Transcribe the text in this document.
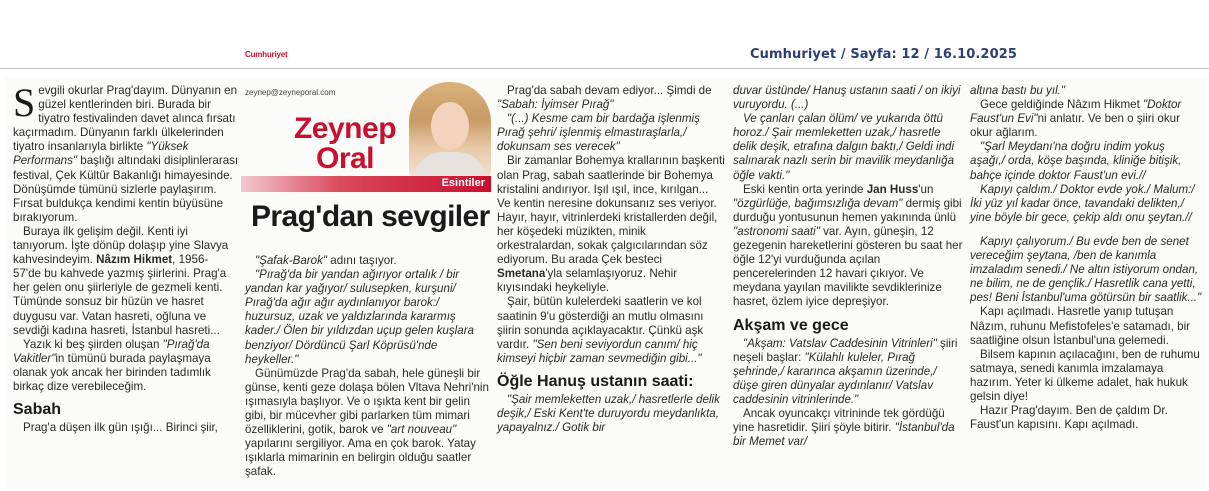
Cumhuriyet	Cumhuriyet / Sayfa: 12 / 16.10.2025

Sevgili okurlar Prag'dayım. Dünyanın en güzel kentlerinden biri. Burada bir tiyatro festivalinden davet alınca fırsatı kaçırmadım. Dünyanın farklı ülkelerinden tiyatro insanlarıyla birlikte "Yüksek Performans" başlığı altındaki disiplinlerarası festival, Çek Kültür Bakanlığı himayesinde. Dönüşümde tümünü sizlerle paylaşırım. Fırsat buldukça kendimi kentin büyüsüne bırakıyorum.

Buraya ilk gelişim değil. Kenti iyi tanıyorum. İşte dönüp dolaşıp yine Slavya kahvesindeyim. Nâzım Hikmet, 1956- 57'de bu kahvede yazmış şiirlerini. Prag'a her gelen onu şiirleriyle de gezmeli kenti. Tümünde sonsuz bir hüzün ve hasret duygusu var. Vatan hasreti, oğluna ve sevdiği kadına hasreti, İstanbul hasreti...

Yazık ki beş şiirden oluşan "Pırağ'da Vakitler"in tümünü burada paylaşmaya olanak yok ancak her birinden tadımlık birkaç dize verebileceğim.

Sabah

Prag'a düşen ilk gün ışığı... Birinci şiir,

zeynep@zeyneporal.com
Zeynep Oral
Esintiler
Prag'dan sevgiler

"Şafak-Barok" adını taşıyor.

"Pırağ'da bir yandan ağırıyor ortalık / bir yandan kar yağıyor/ sulusepken, kurşuni/ Pırağ'da ağır ağır aydınlanıyor barok:/ huzursuz, uzak ve yaldızlarında kararmış kader./ Ölen bir yıldızdan uçup gelen kuşlara benziyor/ Dördüncü Şarl Köprüsü'nde heykeller."

Günümüzde Prag'da sabah, hele güneşli bir günse, kenti geze dolaşa bölen Vltava Nehri'nin ışımasıyla başlıyor. Ve o ışıkta kent bir gelin gibi, bir mücevher gibi parlarken tüm mimari özelliklerini, gotik, barok ve "art nouveau" yapılarını sergiliyor. Ama en çok barok. Yatay ışıklarla mimarinin en belirgin olduğu saatler şafak.

Prag'da sabah devam ediyor... Şimdi de "Sabah: İyimser Pırağ"

"(...) Kesme cam bir bardağa işlenmiş Pırağ şehri/ işlenmiş elmastıraşlarla,/ dokunsam ses verecek"

Bir zamanlar Bohemya krallarının başkenti olan Prag, sabah saatlerinde bir Bohemya kristalini andırıyor. Işıl ışıl, ince, kırılgan... Ve kentin neresine dokunsanız ses veriyor. Hayır, hayır, vitrinlerdeki kristallerden değil, her köşedeki müzikten, minik orkestralardan, sokak çalgıcılarından söz ediyorum. Bu arada Çek besteci Smetana'yla selamlaşıyoruz. Nehir kıyısındaki heykeliyle.

Şair, bütün kulelerdeki saatlerin ve kol saatinin 9'u gösterdiği an mutlu olmasını şiirin sonunda açıklayacaktır. Çünkü aşk vardır. "Sen beni seviyordun canım/ hiç kimseyi hiçbir zaman sevmediğin gibi..."

Öğle Hanuş ustanın saati:

"Şair memleketten uzak,/ hasretlerle delik deşik,/ Eski Kent'te duruyordu meydanlıkta, yapayalnız./ Gotik bir

duvar üstünde/ Hanuş ustanın saati / on ikiyi vuruyordu. (...)

Ve çanları çalan ölüm/ ve yukarıda öttü horoz./ Şair memleketten uzak,/ hasretle delik deşik, etrafına dalgın baktı,/ Geldi indi salınarak nazlı serin bir mavilik meydanlığa öğle vakti."

Eski kentin orta yerinde Jan Huss'un "özgürlüğe, bağımsızlığa devam" dermiş gibi durduğu yontusunun hemen yakınında ünlü "astronomi saati" var. Ayın, güneşin, 12 gezegenin hareketlerini gösteren bu saat her öğle 12'yi vurduğunda açılan pencerelerinden 12 havari çıkıyor. Ve meydana yayılan mavilikte sevdiklerinize hasret, özlem iyice depreşiyor.

Akşam ve gece

"Akşam: Vatslav Caddesinin Vitrinleri" şiiri neşeli başlar: "Külahlı kuleler, Pırağ şehrinde,/ kararınca akşamın üzerinde,/ düşe giren dünyalar aydınlanır/ Vatslav caddesinin vitrinlerinde."

Ancak oyuncakçı vitrininde tek gördüğü yine hasretidir. Şiiri şöyle bitirir. "İstanbul'da bir Memet var/

altına bastı bu yıl."

Gece geldiğinde Nâzım Hikmet "Doktor Faust'un Evi"ni anlatır. Ve ben o şiiri okur okur ağlarım.

"Şarl Meydanı'na doğru indim yokuş aşağı,/ orda, köşe başında, kliniğe bitişik, bahçe içinde doktor Faust'un evi.//

Kapıyı çaldım./ Doktor evde yok./ Malum:/ İki yüz yıl kadar önce, tavandaki delikten,/ yine böyle bir gece, çekip aldı onu şeytan.//

Kapıyı çalıyorum./ Bu evde ben de senet vereceğim şeytana, /ben de kanımla imzaladım senedi./ Ne altın istiyorum ondan, ne bilim, ne de gençlik./ Hasretlik cana yetti, pes! Beni İstanbul'uma götürsün bir saatlik..."

Kapı açılmadı. Hasretle yanıp tutuşan Nâzım, ruhunu Mefistofeles'e satamadı, bir saatliğine olsun İstanbul'una gelemedi.

Bilsem kapının açılacağını, ben de ruhumu satmaya, senedi kanımla imzalamaya hazırım. Yeter ki ülkeme adalet, hak hukuk gelsin diye!

Hazır Prag'dayım. Ben de çaldım Dr. Faust'un kapısını. Kapı açılmadı.
